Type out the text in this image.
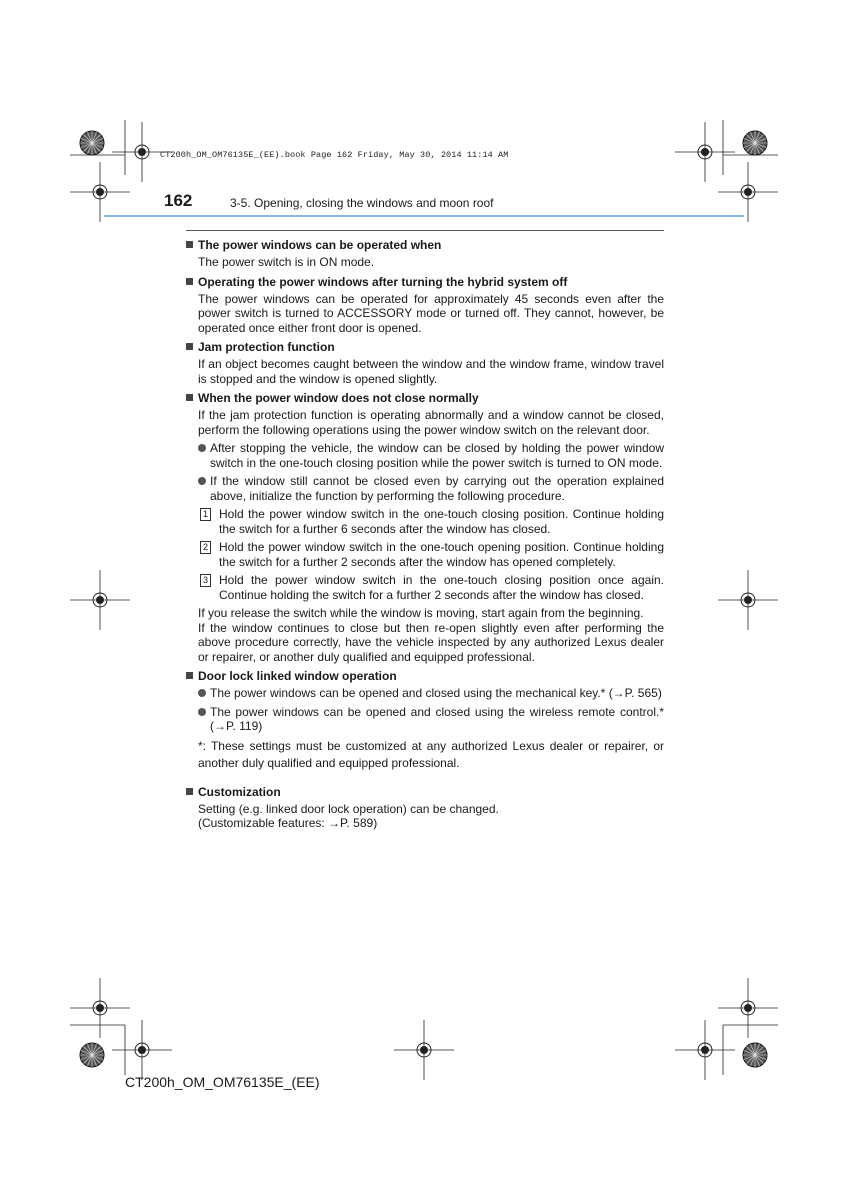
CT200h_OM_OM76135E_(EE).book Page 162 Friday, May 30, 2014 11:14 AM
162	3-5. Opening, closing the windows and moon roof
The power windows can be operated when

The power switch is in ON mode.

Operating the power windows after turning the hybrid system off

The power windows can be operated for approximately 45 seconds even after the power switch is turned to ACCESSORY mode or turned off. They cannot, however, be operated once either front door is opened.

Jam protection function

If an object becomes caught between the window and the window frame, window travel is stopped and the window is opened slightly.

When the power window does not close normally

If the jam protection function is operating abnormally and a window cannot be closed, perform the following operations using the power window switch on the relevant door.

After stopping the vehicle, the window can be closed by holding the power window switch in the one-touch closing position while the power switch is turned to ON mode.
If the window still cannot be closed even by carrying out the operation explained above, initialize the function by performing the following procedure.
1 Hold the power window switch in the one-touch closing position. Continue holding the switch for a further 6 seconds after the window has closed.
2 Hold the power window switch in the one-touch opening position. Continue holding the switch for a further 2 seconds after the window has opened completely.
3 Hold the power window switch in the one-touch closing position once again. Continue holding the switch for a further 2 seconds after the window has closed.

If you release the switch while the window is moving, start again from the beginning.

If the window continues to close but then re-open slightly even after performing the above procedure correctly, have the vehicle inspected by any authorized Lexus dealer or repairer, or another duly qualified and equipped professional.

Door lock linked window operation
The power windows can be opened and closed using the mechanical key.* (→P. 565)
The power windows can be opened and closed using the wireless remote control.* (→P. 119)

*: These settings must be customized at any authorized Lexus dealer or repairer, or another duly qualified and equipped professional.

Customization

Setting (e.g. linked door lock operation) can be changed.

(Customizable features: →P. 589)

CT200h_OM_OM76135E_(EE)
